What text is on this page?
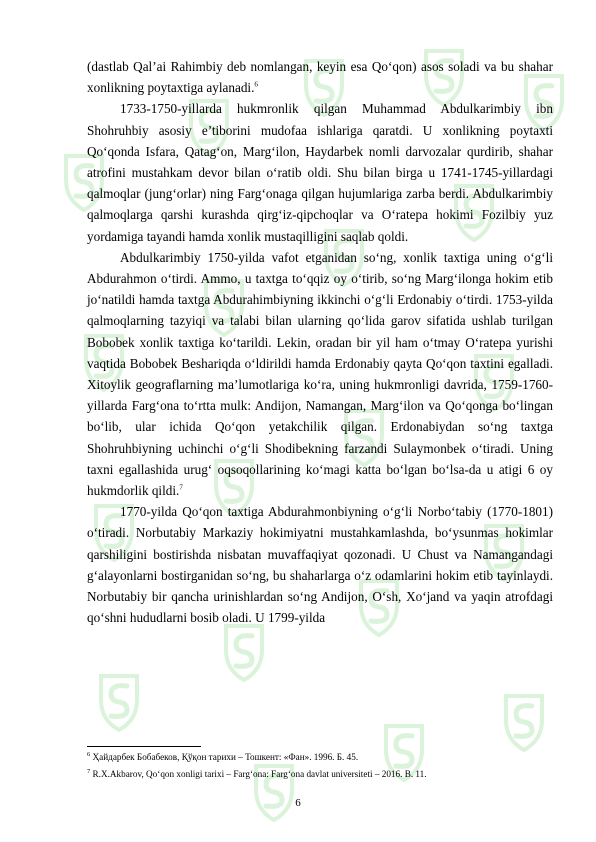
(dastlab Qal’ai Rahimbiy deb nomlangan, keyin esa Qo‘qon) asos soladi va bu shahar xonlikning poytaxtiga aylanadi.$^6$

1733-1750-yillarda hukmronlik qilgan Muhammad Abdulkarimbiy ibn Shohruhbiy asosiy e’tiborini mudofaa ishlariga qaratdi. U xonlikning poytaxti Qo‘qonda Isfara, Qatag‘on, Marg‘ilon, Haydarbek nomli darvozalar qurdirib, shahar atrofini mustahkam devor bilan o‘ratib oldi. Shu bilan birga u 1741-1745-yillardagi qalmoqlar (jung‘orlar) ning Farg‘onaga qilgan hujumlariga zarba berdi. Abdulkarimbiy qalmoqlarga qarshi kurashda qirg‘iz-qipchoqlar va O‘ratepa hokimi Fozilbiy yuz yordamiga tayandi hamda xonlik mustaqilligini saqlab qoldi.

Abdulkarimbiy 1750-yilda vafot etganidan so‘ng, xonlik taxtiga uning o‘g‘li Abdurahmon o‘tirdi. Ammo, u taxtga to‘qqiz oy o‘tirib, so‘ng Marg‘ilonga hokim etib jo‘natildi hamda taxtga Abdurahimbiyning ikkinchi o‘g‘li Erdonabiy o‘tirdi. 1753-yilda qalmoqlarning tazyiqi va talabi bilan ularning qo‘lida garov sifatida ushlab turilgan Bobobek xonlik taxtiga ko‘tarildi. Lekin, oradan bir yil ham o‘tmay O‘ratepa yurishi vaqtida Bobobek Beshariqda o‘ldirildi hamda Erdonabiy qayta Qo‘qon taxtini egalladi. Xitoylik geograflarning ma’lumotlariga ko‘ra, uning hukmronligi davrida, 1759-1760-yillarda Farg‘ona to‘rtta mulk: Andijon, Namangan, Marg‘ilon va Qo‘qonga bo‘lingan bo‘lib, ular ichida Qo‘qon yetakchilik qilgan. Erdonabiydan so‘ng taxtga Shohruhbiyning uchinchi o‘g‘li Shodibekning farzandi Sulaymonbek o‘tiradi. Uning taxni egallashida urug‘ oqsoqollarining ko‘magi katta bo‘lgan bo‘lsa-da u atigi 6 oy hukmdorlik qildi.$^7$

1770-yilda Qo‘qon taxtiga Abdurahmonbiyning o‘g‘li Norbo‘tabiy (1770-1801) o‘tiradi. Norbutabiy Markaziy hokimiyatni mustahkamlashda, bo‘ysunmas hokimlar qarshiligini bostirishda nisbatan muvaffaqiyat qozonadi. U Chust va Namangandagi g‘alayonlarni bostirganidan so‘ng, bu shaharlarga o‘z odamlarini hokim etib tayinlaydi. Norbutabiy bir qancha urinishlardan so‘ng Andijon, O‘sh, Xo‘jand va yaqin atrofdagi qo‘shni hududlarni bosib oladi. U 1799-yilda

$^6$ Ҳайдарбек Бобабеков, Қўқон тарихи – Тошкент: «Фан». 1996. Б. 45.
$^7$ R.X.Akbarov, Qo‘qon xonligi tarixi – Farg‘ona: Farg‘ona davlat universiteti – 2016. B. 11.
6
